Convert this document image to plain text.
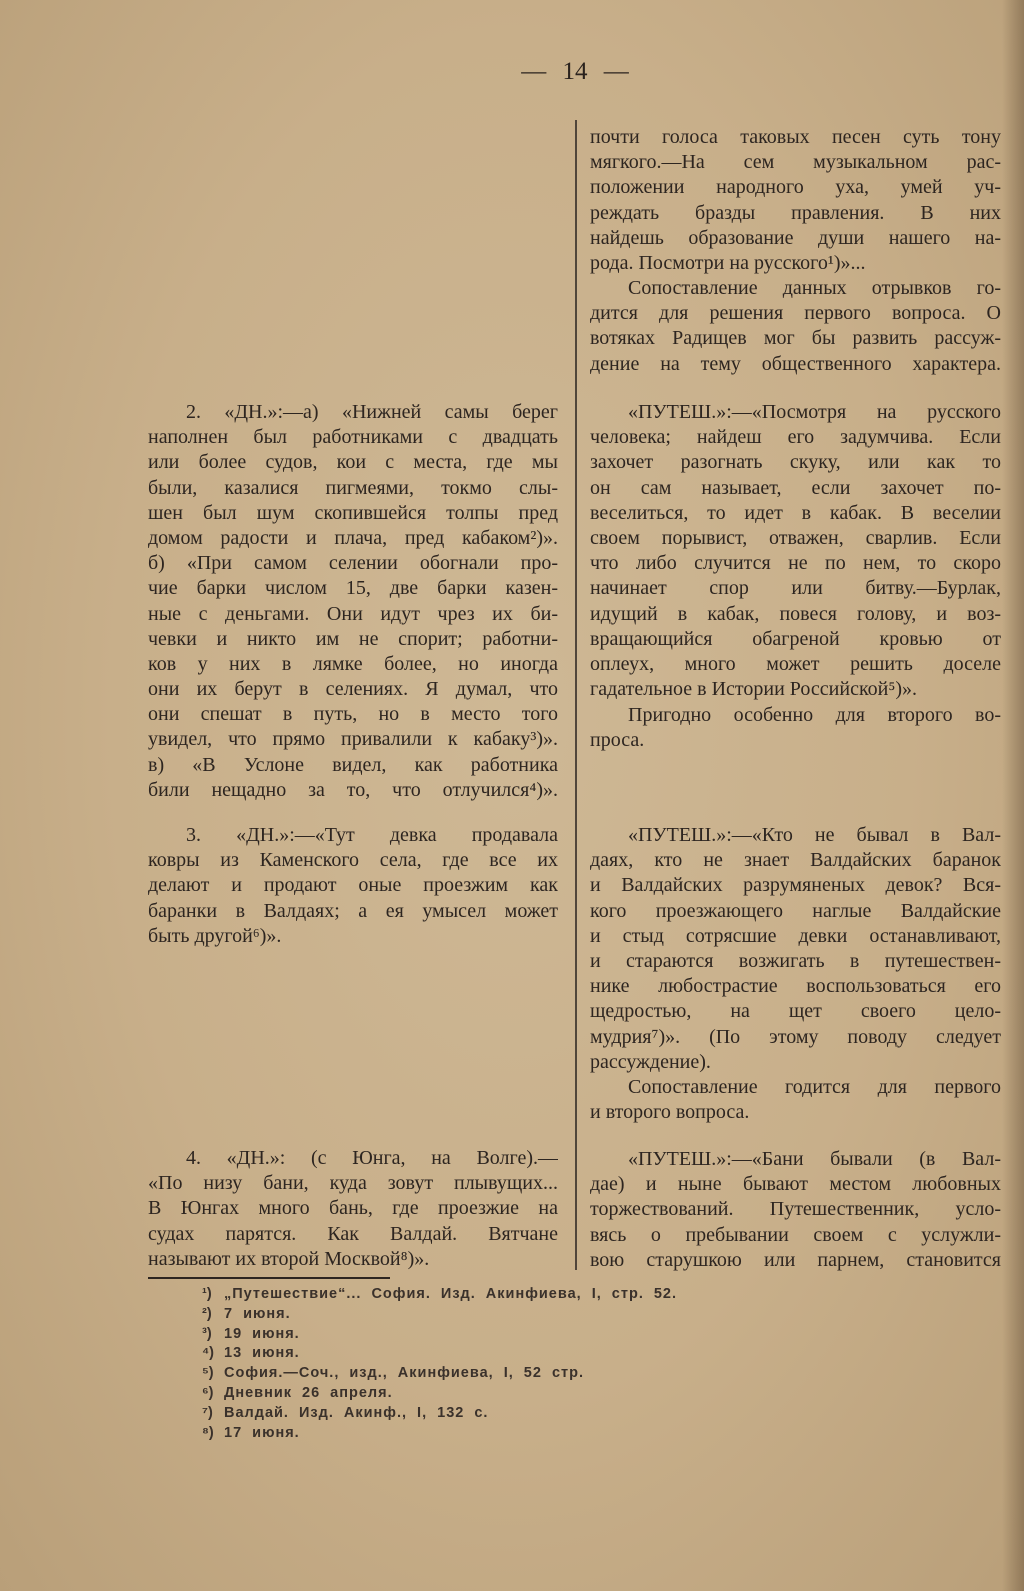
— 14 —
2. «ДН.»:—а) «Нижней самы берег
наполнен был работниками с двадцать
или более судов, кои с места, где мы
были, казалися пигмеями, токмо слы-
шен был шум скопившейся толпы пред
домом радости и плача, пред кабаком²)».
б) «При самом селении обогнали про-
чие барки числом 15, две барки казен-
ные с деньгами. Они идут чрез их би-
чевки и никто им не спорит; работни-
ков у них в лямке более, но иногда
они их берут в селениях. Я думал, что
они спешат в путь, но в место того
увидел, что прямо привалили к кабаку³)».
в) «В Услоне видел, как работника
били нещадно за то, что отлучился⁴)».
3. «ДН.»:—«Тут девка продавала
ковры из Каменского села, где все их
делают и продают оные проезжим как
баранки в Валдаях; а ея умысел может
быть другой⁶)».
4. «ДН.»: (с Юнга, на Волге).—
«По низу бани, куда зовут плывущих...
В Юнгах много бань, где проезжие на
судах парятся. Как Валдай. Вятчане
называют их второй Москвой⁸)».
почти голоса таковых песен суть тону
мягкого.—На сем музыкальном рас-
положении народного уха, умей уч-
реждать бразды правления. В них
найдешь образование души нашего на-
рода. Посмотри на русского¹)»...
Сопоставление данных отрывков го-
дится для решения первого вопроса. О
вотяках Радищев мог бы развить рассуж-
дение на тему общественного характера.
«ПУТЕШ.»:—«Посмотря на русского
человека; найдеш его задумчива. Если
захочет разогнать скуку, или как то
он сам называет, если захочет по-
веселиться, то идет в кабак. В веселии
своем порывист, отважен, сварлив. Если
что либо случится не по нем, то скоро
начинает спор или битву.—Бурлак,
идущий в кабак, повеся голову, и воз-
вращающийся обагреной кровью от
оплеух, много может решить доселе
гадательное в Истории Российской⁵)».
Пригодно особенно для второго во-
проса.
«ПУТЕШ.»:—«Кто не бывал в Вал-
даях, кто не знает Валдайских баранок
и Валдайских разрумяненых девок? Вся-
кого проезжающего наглые Валдайские
и стыд сотрясшие девки останавливают,
и стараются возжигать в путешествен-
нике любострастие воспользоваться его
щедростью, на щет своего цело-
мудрия⁷)». (По этому поводу следует
рассуждение).
Сопоставление годится для первого
и второго вопроса.
«ПУТЕШ.»:—«Бани бывали (в Вал-
дае) и ныне бывают местом любовных
торжествований. Путешественник, усло-
вясь о пребывании своем с услужли-
вою старушкою или парнем, становится
¹) „Путешествие“... София. Изд. Акинфиева, I, стр. 52.
²) 7 июня.
³) 19 июня.
⁴) 13 июня.
⁵) София.—Соч., изд., Акинфиева, I, 52 стр.
⁶) Дневник 26 апреля.
⁷) Валдай. Изд. Акинф., I, 132 с.
⁸) 17 июня.
